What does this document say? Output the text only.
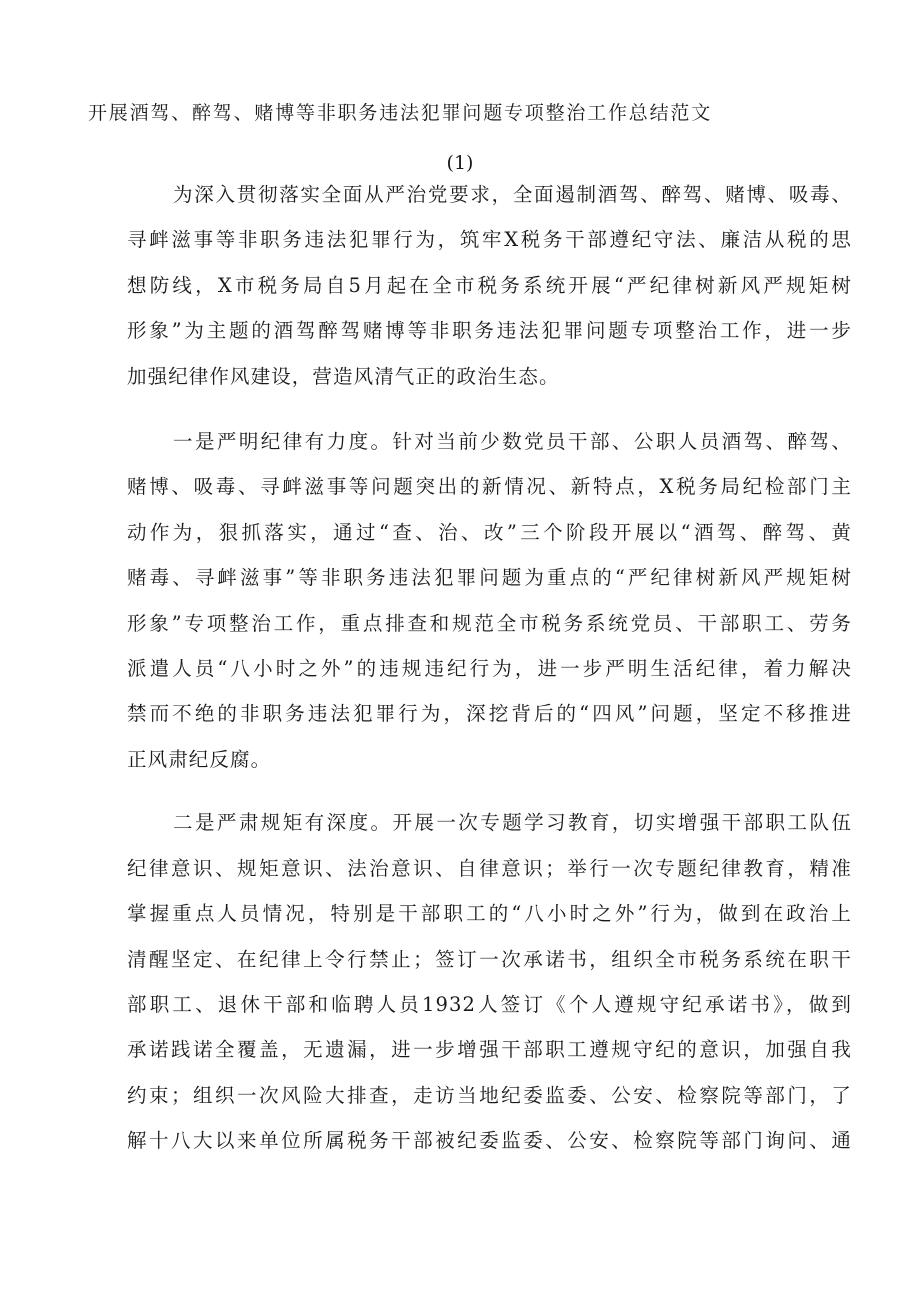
开展酒驾、醉驾、赌博等非职务违法犯罪问题专项整治工作总结范文

(1)

为深入贯彻落实全面从严治党要求，全面遏制酒驾、醉驾、赌博、吸毒、
寻衅滋事等非职务违法犯罪行为，筑牢X税务干部遵纪守法、廉洁从税的思
想防线，X市税务局自5月起在全市税务系统开展“严纪律树新风严规矩树
形象”为主题的酒驾醉驾赌博等非职务违法犯罪问题专项整治工作，进一步
加强纪律作风建设，营造风清气正的政治生态。

一是严明纪律有力度。针对当前少数党员干部、公职人员酒驾、醉驾、
赌博、吸毒、寻衅滋事等问题突出的新情况、新特点，X税务局纪检部门主
动作为，狠抓落实，通过“查、治、改”三个阶段开展以“酒驾、醉驾、黄
赌毒、寻衅滋事”等非职务违法犯罪问题为重点的“严纪律树新风严规矩树
形象”专项整治工作，重点排查和规范全市税务系统党员、干部职工、劳务
派遣人员“八小时之外”的违规违纪行为，进一步严明生活纪律，着力解决
禁而不绝的非职务违法犯罪行为，深挖背后的“四风”问题，坚定不移推进
正风肃纪反腐。

二是严肃规矩有深度。开展一次专题学习教育，切实增强干部职工队伍
纪律意识、规矩意识、法治意识、自律意识；举行一次专题纪律教育，精准
掌握重点人员情况，特别是干部职工的“八小时之外”行为，做到在政治上
清醒坚定、在纪律上令行禁止；签订一次承诺书，组织全市税务系统在职干
部职工、退休干部和临聘人员1932人签订《个人遵规守纪承诺书》，做到
承诺践诺全覆盖，无遗漏，进一步增强干部职工遵规守纪的意识，加强自我
约束；组织一次风险大排查，走访当地纪委监委、公安、检察院等部门，了
解十八大以来单位所属税务干部被纪委监委、公安、检察院等部门询问、通
